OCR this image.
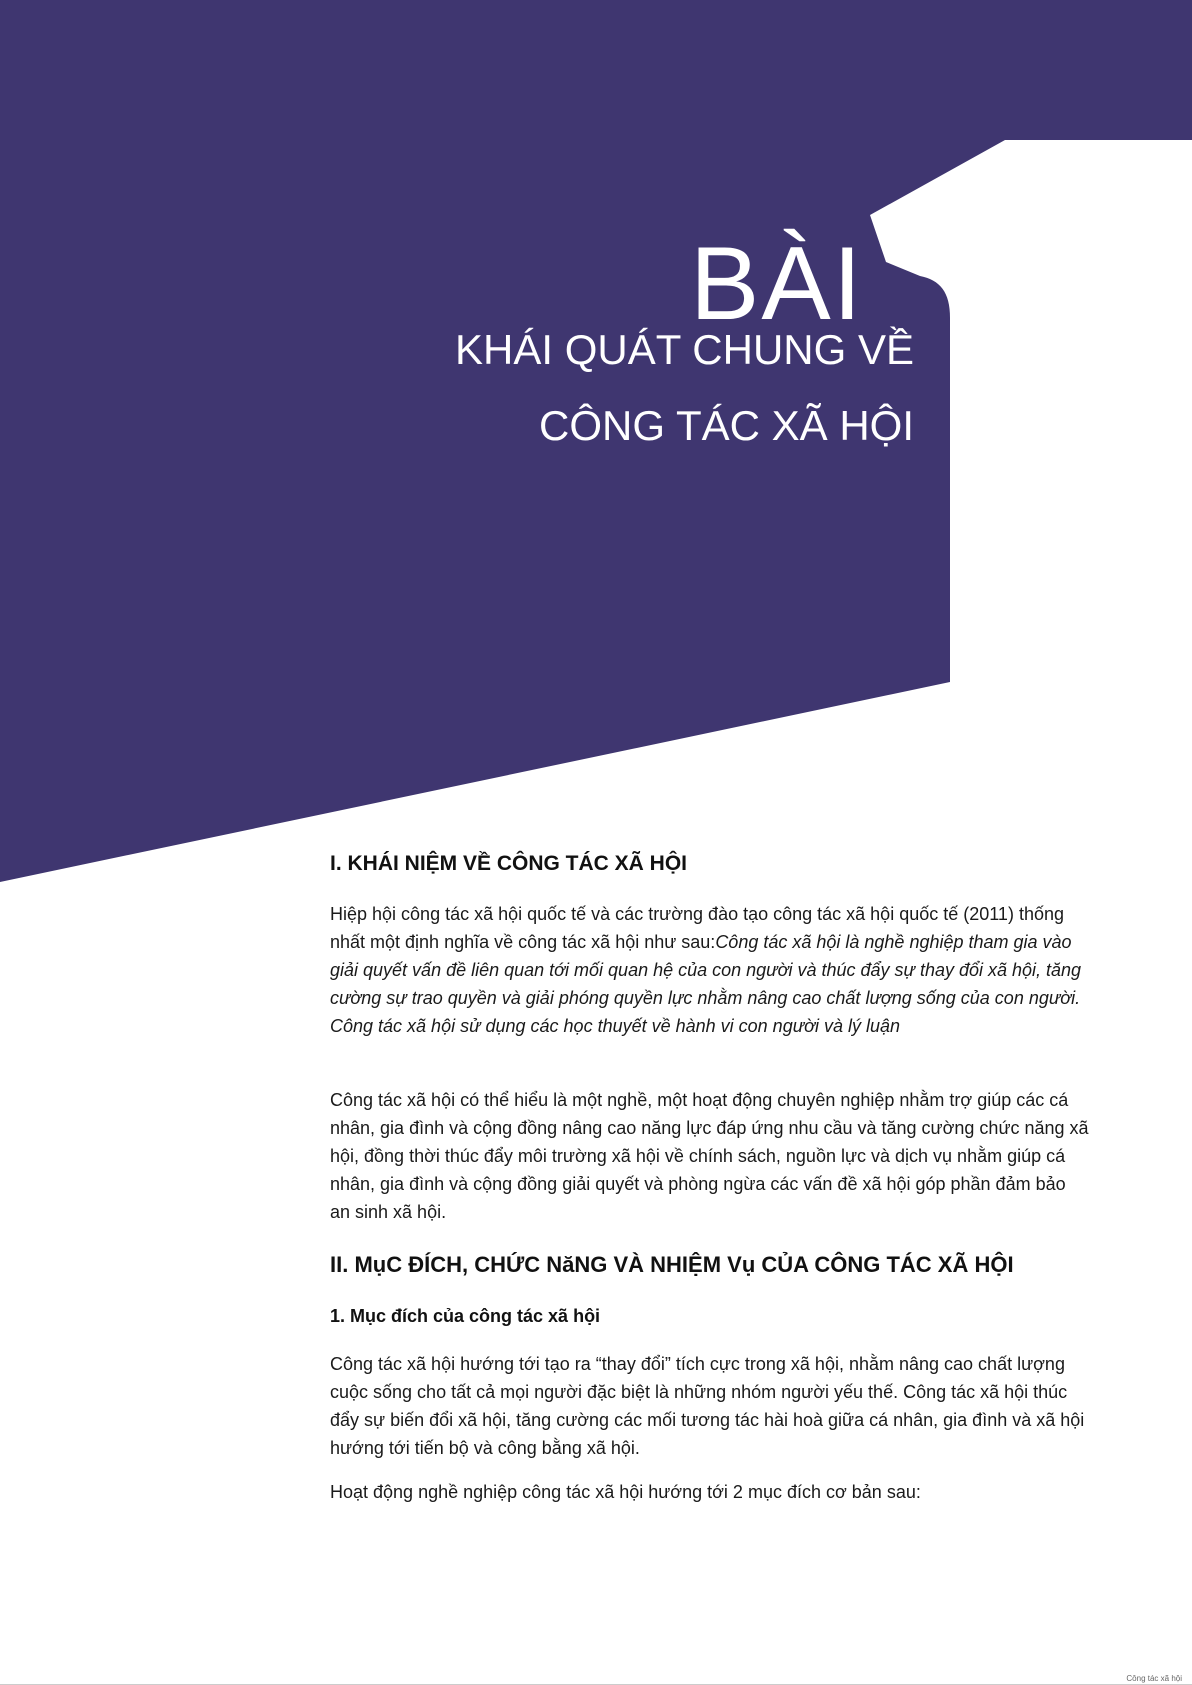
BÀI
KHÁI QUÁT CHUNG VỀ
CÔNG TÁC XÃ HỘI
I. KHÁI NIỆM VỀ CÔNG TÁC XÃ HỘI

Hiệp hội công tác xã hội quốc tế và các trường đào tạo công tác xã hội quốc tế (2011) thống nhất một định nghĩa về công tác xã hội như sau:Công tác xã hội là nghề nghiệp tham gia vào giải quyết vấn đề liên quan tới mối quan hệ của con người và thúc đẩy sự thay đổi xã hội, tăng cường sự trao quyền và giải phóng quyền lực nhằm nâng cao chất lượng sống của con người. Công tác xã hội sử dụng các học thuyết về hành vi con người và lý luận

Công tác xã hội có thể hiểu là một nghề, một hoạt động chuyên nghiệp nhằm trợ giúp các cá nhân, gia đình và cộng đồng nâng cao năng lực đáp ứng nhu cầu và tăng cường chức năng xã hội, đồng thời thúc đẩy môi trường xã hội về chính sách, nguồn lực và dịch vụ nhằm giúp cá nhân, gia đình và cộng đồng giải quyết và phòng ngừa các vấn đề xã hội góp phần đảm bảo an sinh xã hội.

II. MụC ĐÍCH, CHỨC NăNG VÀ NHIỆM Vụ CỦA CÔNG TÁC XÃ HỘI
1. Mục đích của công tác xã hội

Công tác xã hội hướng tới tạo ra “thay đổi” tích cực trong xã hội, nhằm nâng cao chất lượng cuộc sống cho tất cả mọi người đặc biệt là những nhóm người yếu thế. Công tác xã hội thúc đẩy sự biến đổi xã hội, tăng cường các mối tương tác hài hoà giữa cá nhân, gia đình và xã hội hướng tới tiến bộ và công bằng xã hội.

Hoạt động nghề nghiệp công tác xã hội hướng tới 2 mục đích cơ bản sau:

Công tác xã hội
